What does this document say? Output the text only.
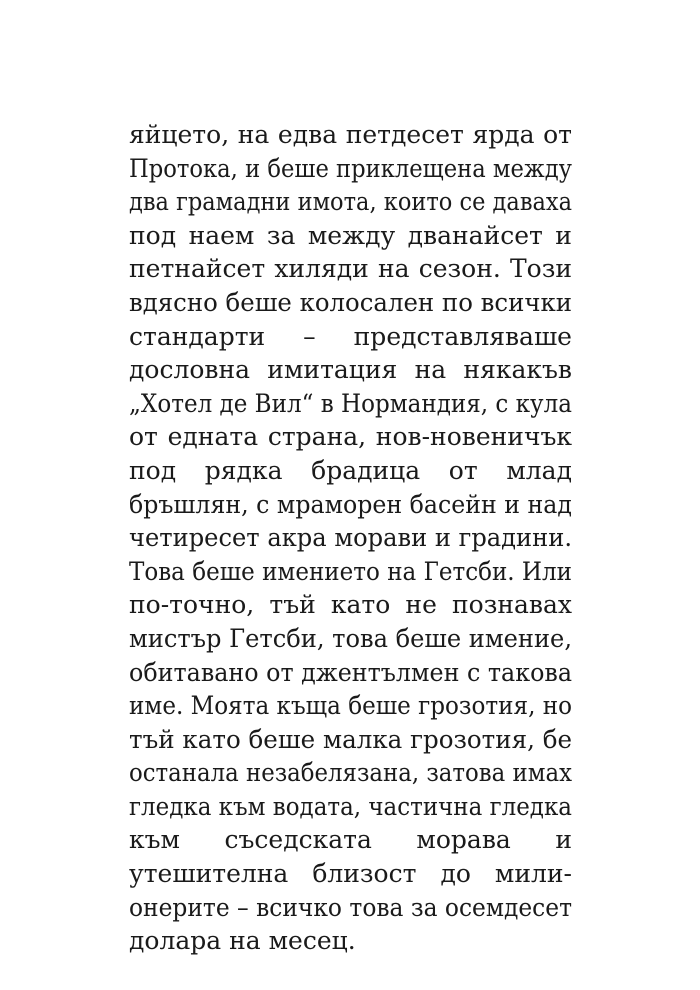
яйцето, на едва петдесет ярда от
Протока, и беше приклещена между
два грамадни имота, които се даваха
под наем за между дванайсет и
петнайсет хиляди на сезон. Този
вдясно беше колосален по всички
стандарти – представляваше
дословна имитация на някакъв
„Хотел де Вил“ в Нормандия, с кула
от едната страна, нов-новеничък
под рядка брадица от млад
бръшлян, с мраморен басейн и над
четиресет акра морави и градини.
Това беше имението на Гетсби. Или
по-точно, тъй като не познавах
мистър Гетсби, това беше имение,
обитавано от джентълмен с такова
име. Моята къща беше грозотия, но
тъй като беше малка грозотия, бе
останала незабелязана, затова имах
гледка към водата, частична гледка
към съседската морава и
утешителна близост до мили-
онерите – всичко това за осемдесет
долара на месец.
